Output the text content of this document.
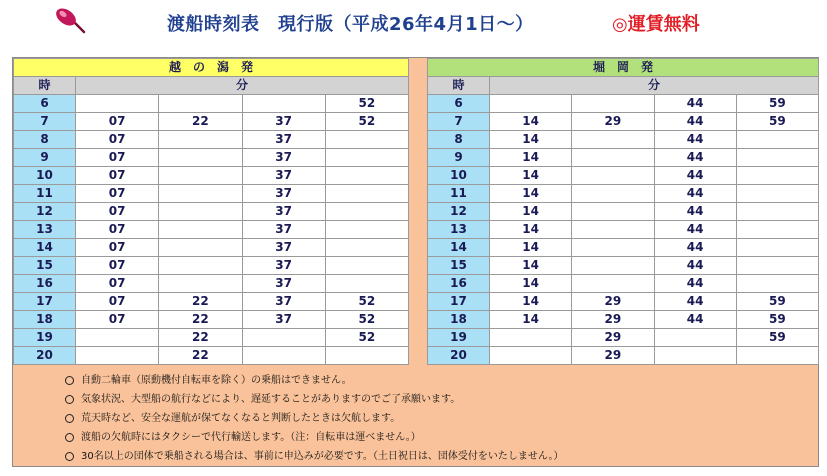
渡船時刻表　現行版（平成26年4月1日～）	◎運賃無料
越　の　潟　発				
時	分			
6				52
7	07	22	37	52
8	07		37	
9	07		37	
10	07		37	
11	07		37	
12	07		37	
13	07		37	
14	07		37	
15	07		37	
16	07		37	
17	07	22	37	52
18	07	22	37	52
19		22		52
20		22		
堀　岡　発				
時	分			
6			44	59
7	14	29	44	59
8	14		44	
9	14		44	
10	14		44	
11	14		44	
12	14		44	
13	14		44	
14	14		44	
15	14		44	
16	14		44	
17	14	29	44	59
18	14	29	44	59
19		29		59
20		29		
自動二輪車（原動機付自転車を除く）の乗船はできません。
気象状況、大型船の航行などにより、遅延することがありますのでご了承願います。
荒天時など、安全な運航が保てなくなると判断したときは欠航します。
渡船の欠航時にはタクシーで代行輸送します。（注：自転車は運べません。）
30名以上の団体で乗船される場合は、事前に申込みが必要です。（土日祝日は、団体受付をいたしません。）
